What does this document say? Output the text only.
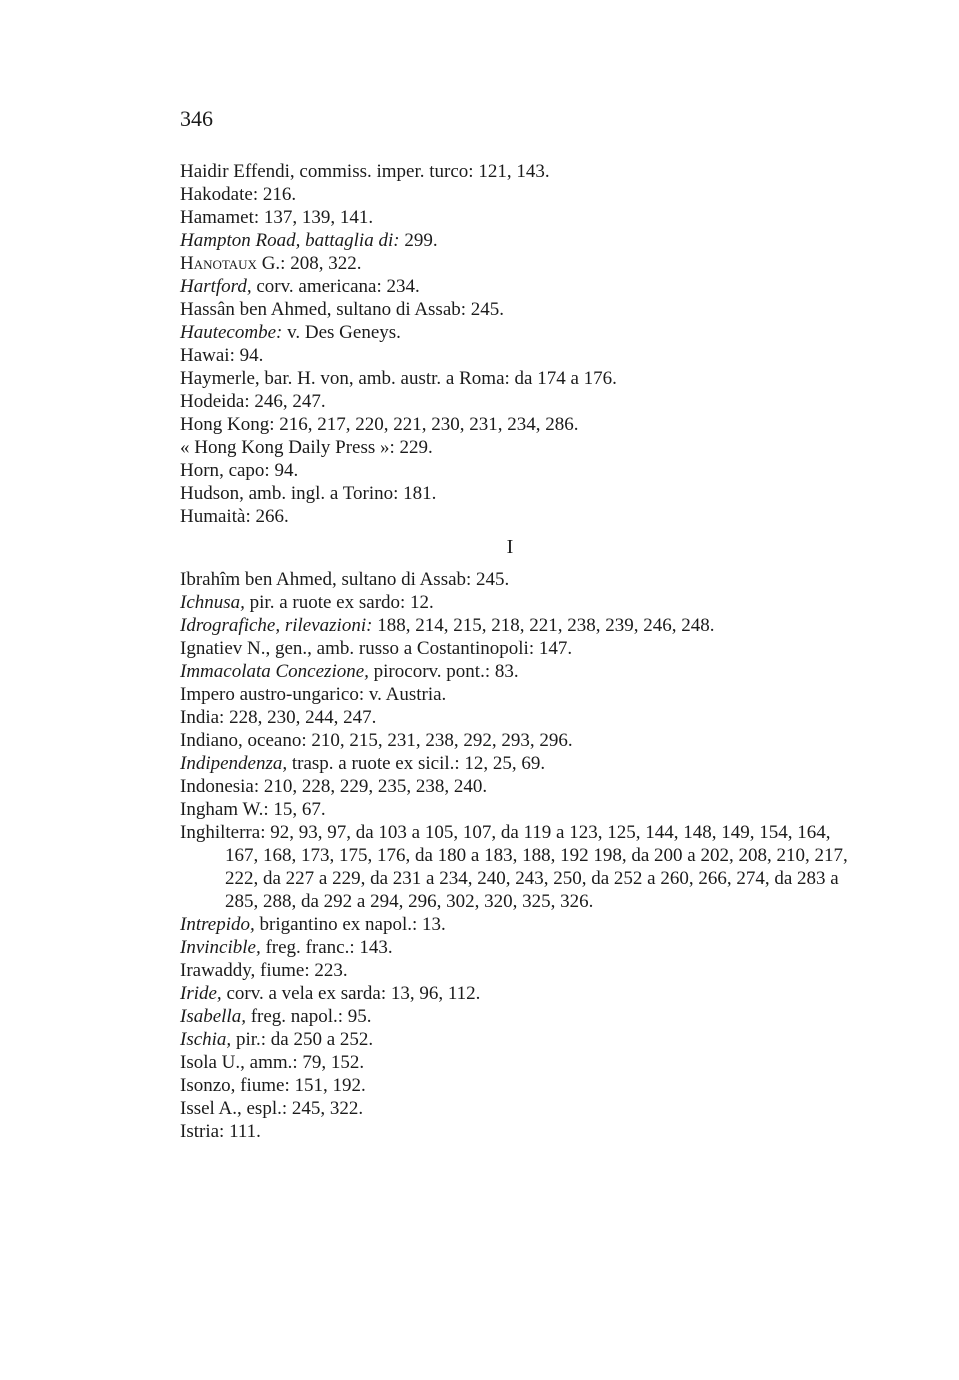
346

Haidir Effendi, commiss. imper. turco: 121, 143.

Hakodate: 216.

Hamamet: 137, 139, 141.

Hampton Road, battaglia di: 299.

Hanotaux G.: 208, 322.

Hartford, corv. americana: 234.

Hassân ben Ahmed, sultano di Assab: 245.

Hautecombe: v. Des Geneys.

Hawai: 94.

Haymerle, bar. H. von, amb. austr. a Roma: da 174 a 176.

Hodeida: 246, 247.

Hong Kong: 216, 217, 220, 221, 230, 231, 234, 286.

« Hong Kong Daily Press »: 229.

Horn, capo: 94.

Hudson, amb. ingl. a Torino: 181.

Humaità: 266.

I

Ibrahîm ben Ahmed, sultano di Assab: 245.

Ichnusa, pir. a ruote ex sardo: 12.

Idrografiche, rilevazioni: 188, 214, 215, 218, 221, 238, 239, 246, 248.

Ignatiev N., gen., amb. russo a Costantinopoli: 147.

Immacolata Concezione, pirocorv. pont.: 83.

Impero austro-ungarico: v. Austria.

India: 228, 230, 244, 247.

Indiano, oceano: 210, 215, 231, 238, 292, 293, 296.

Indipendenza, trasp. a ruote ex sicil.: 12, 25, 69.

Indonesia: 210, 228, 229, 235, 238, 240.

Ingham W.: 15, 67.

Inghilterra: 92, 93, 97, da 103 a 105, 107, da 119 a 123, 125, 144, 148, 149, 154, 164, 167, 168, 173, 175, 176, da 180 a 183, 188, 192 198, da 200 a 202, 208, 210, 217, 222, da 227 a 229, da 231 a 234, 240, 243, 250, da 252 a 260, 266, 274, da 283 a 285, 288, da 292 a 294, 296, 302, 320, 325, 326.

Intrepido, brigantino ex napol.: 13.

Invincible, freg. franc.: 143.

Irawaddy, fiume: 223.

Iride, corv. a vela ex sarda: 13, 96, 112.

Isabella, freg. napol.: 95.

Ischia, pir.: da 250 a 252.

Isola U., amm.: 79, 152.

Isonzo, fiume: 151, 192.

Issel A., espl.: 245, 322.

Istria: 111.
